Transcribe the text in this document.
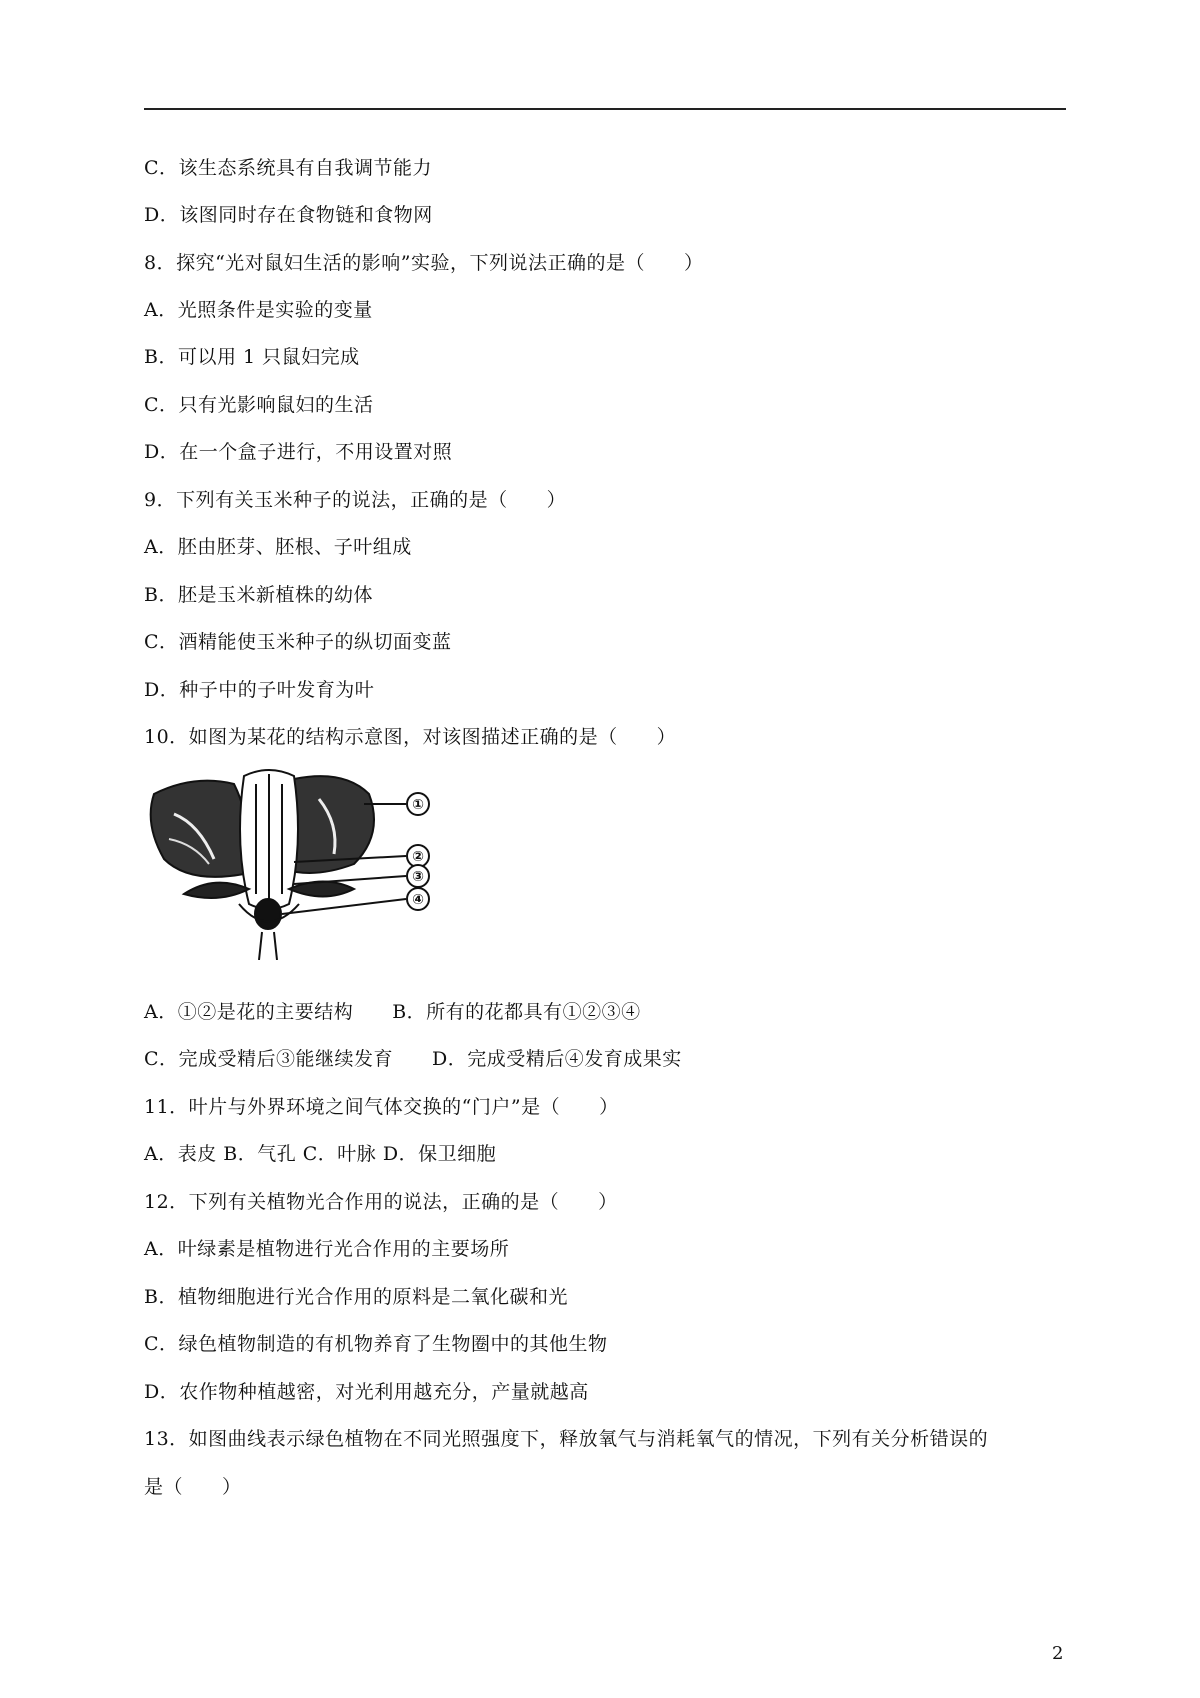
C．该生态系统具有自我调节能力
D．该图同时存在食物链和食物网
8．探究“光对鼠妇生活的影响”实验，下列说法正确的是（　　）
A．光照条件是实验的变量
B．可以用 1 只鼠妇完成
C．只有光影响鼠妇的生活
D．在一个盒子进行，不用设置对照
9．下列有关玉米种子的说法，正确的是（　　）
A．胚由胚芽、胚根、子叶组成
B．胚是玉米新植株的幼体
C．酒精能使玉米种子的纵切面变蓝
D．种子中的子叶发育为叶
10．如图为某花的结构示意图，对该图描述正确的是（　　）
①
②
③
④
A．①②是花的主要结构　　B．所有的花都具有①②③④
C．完成受精后③能继续发育　　D．完成受精后④发育成果实
11．叶片与外界环境之间气体交换的“门户”是（　　）
A．表皮 B．气孔 C．叶脉 D．保卫细胞
12．下列有关植物光合作用的说法，正确的是（　　）
A．叶绿素是植物进行光合作用的主要场所
B．植物细胞进行光合作用的原料是二氧化碳和光
C．绿色植物制造的有机物养育了生物圈中的其他生物
D．农作物种植越密，对光利用越充分，产量就越高
13．如图曲线表示绿色植物在不同光照强度下，释放氧气与消耗氧气的情况，下列有关分析错误的
是（　　）
2
